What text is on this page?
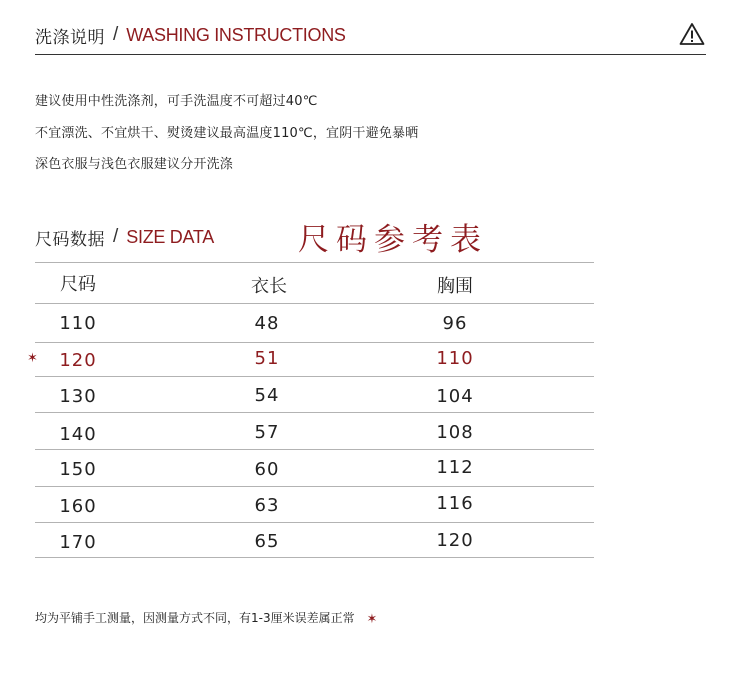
洗涤说明 / WASHING INSTRUCTIONS
建议使用中性洗涤剂，可手洗温度不可超过40℃
不宜漂洗、不宜烘干、熨烫建议最高温度110℃，宜阴干避免暴晒
深色衣服与浅色衣服建议分开洗涤
尺码数据 / SIZE DATA	尺码参考表
尺码	衣长	胸围
110	48	96
✶ 120	51	110
130	54	104
140	57	108
150	60	112
160	63	116
170	65	120
均为平铺手工测量，因测量方式不同，有1-3厘米误差属正常 ✶
